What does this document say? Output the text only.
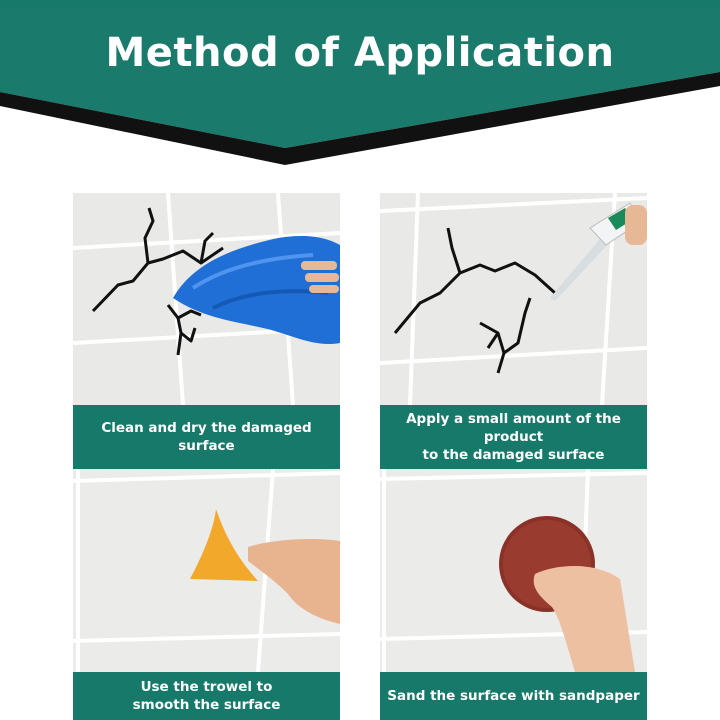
Method of Application
Clean and dry the damaged
surface
Apply a small amount of the product
to the damaged surface
Use the trowel to
smooth the surface
Sand the surface with sandpaper
